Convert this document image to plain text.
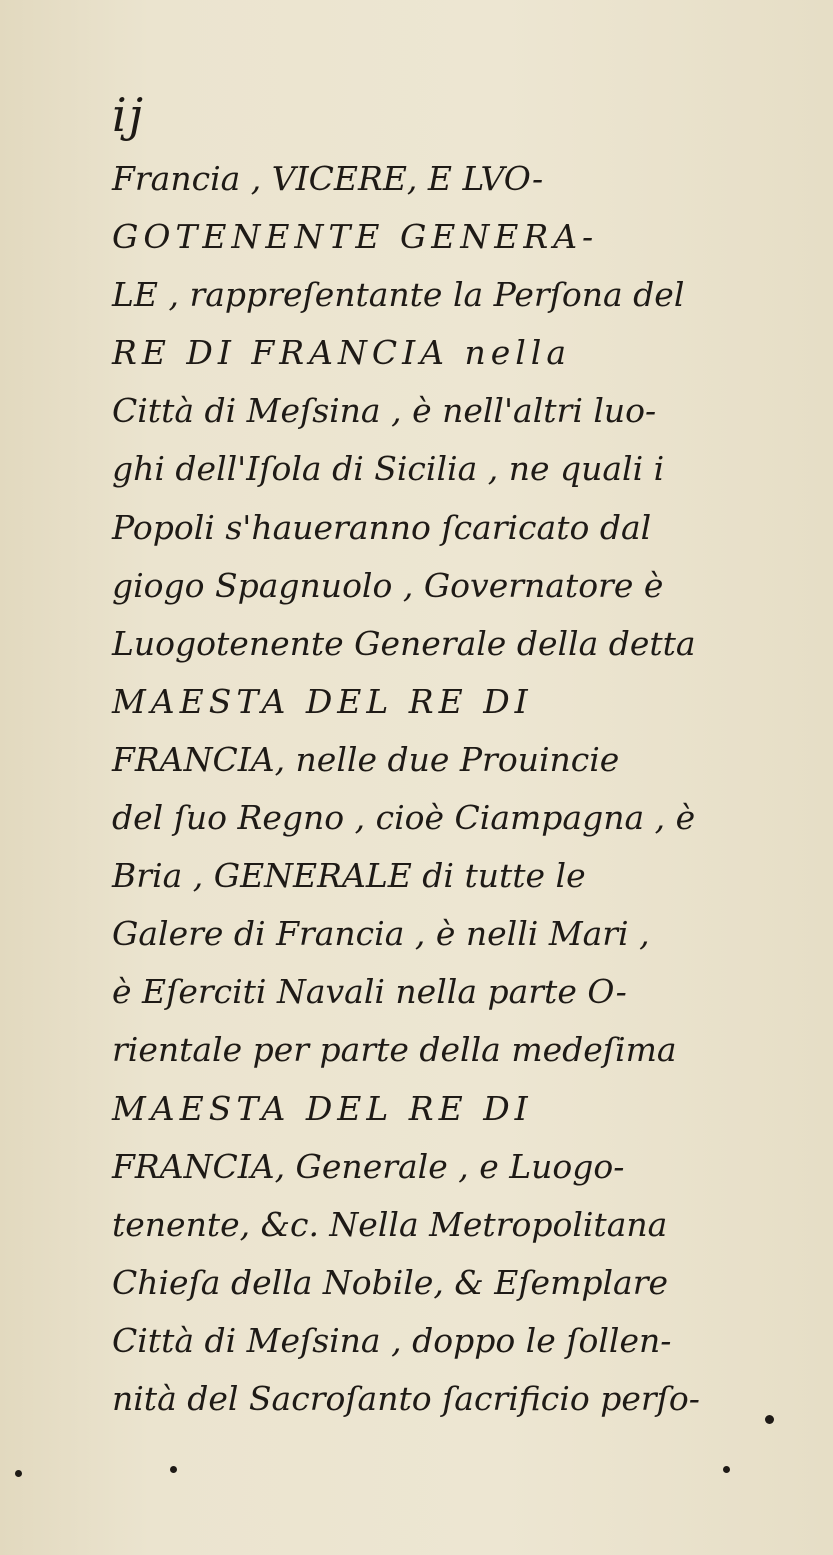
ij
Francia , VICERE, E LVO-
GOTENENTE GENERA-
LE , rappreſentante la Perſona del
RE DI FRANCIA nella
Città di Meſsina , è nell'altri luo-
ghi dell'Iſola di Sicilia , ne quali i
Popoli s'haueranno ſcaricato dal
giogo Spagnuolo , Governatore è
Luogotenente Generale della detta
MAESTA DEL RE DI
FRANCIA, nelle due Prouincie
del ſuo Regno , cioè Ciampagna , è
Bria , GENERALE di tutte le
Galere di Francia , è nelli Mari ,
è Eſerciti Navali nella parte O-
rientale per parte della medeſima
MAESTA DEL RE DI
FRANCIA, Generale , e Luogo-
tenente, &c. Nella Metropolitana
Chieſa della Nobile, & Eſemplare
Città di Meſsina , doppo le ſollen-
nità del Sacroſanto ſacrificio perſo-
